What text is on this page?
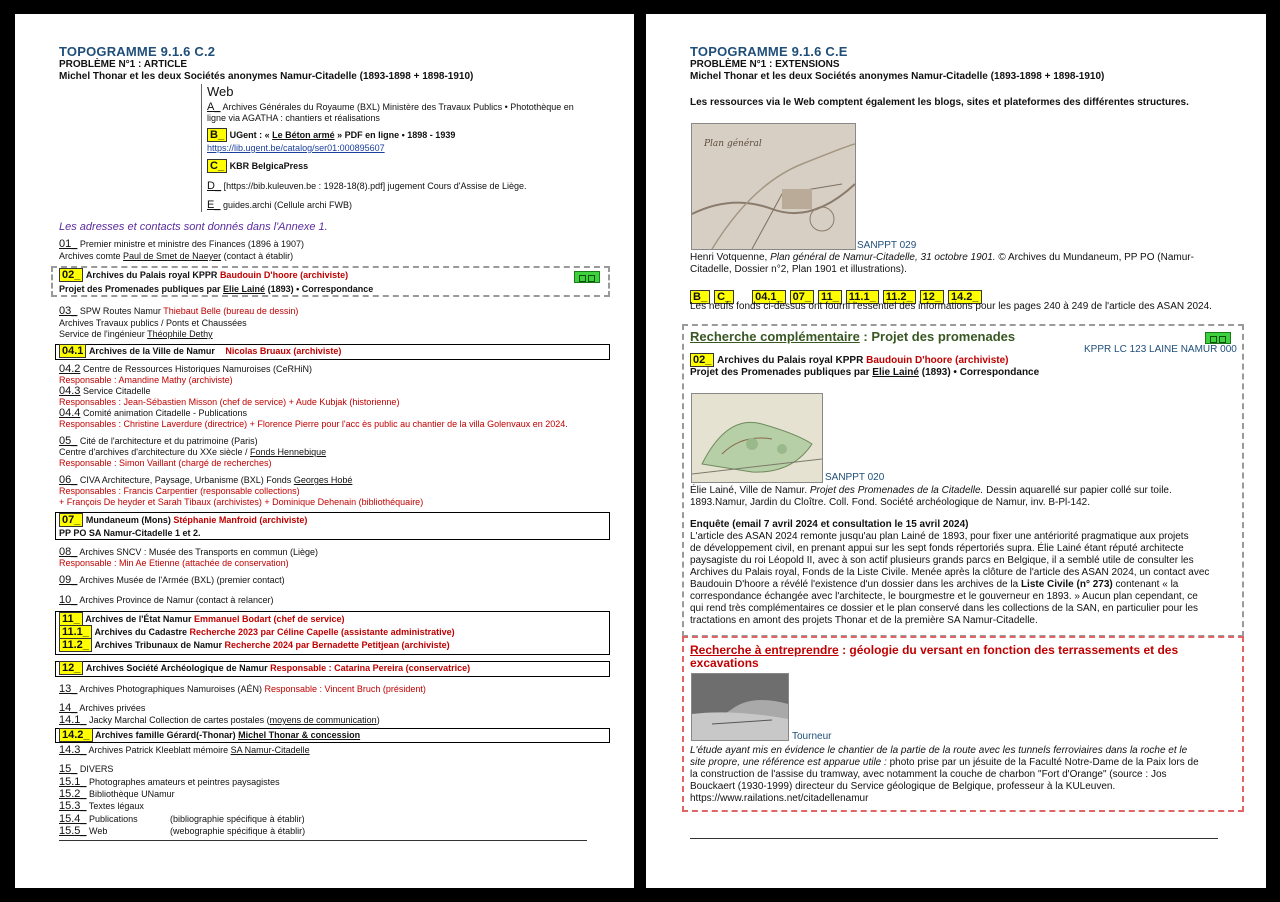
TOPOGRAMME 9.1.6 C.2
PROBLÈME N°1 : ARTICLE
Michel Thonar et les deux Sociétés anonymes Namur-Citadelle (1893-1898 + 1898-1910)
Web
A_ Archives Générales du Royaume (BXL) Ministère des Travaux Publics • Photothèque en
ligne via AGATHA : chantiers et réalisations
B_ UGent : « Le Béton armé » PDF en ligne • 1898 - 1939
https://lib.ugent.be/catalog/ser01:000895607
C_ KBR BelgicaPress
D_ [https://bib.kuleuven.be : 1928-18(8).pdf] jugement Cours d'Assise de Liège.
E_ guides.archi (Cellule archi FWB)
Les adresses et contacts sont donnés dans l'Annexe 1.
01_ Premier ministre et ministre des Finances (1896 à 1907)
Archives comte Paul de Smet de Naeyer (contact à établir)
02_ Archives du Palais royal KPPR Baudouin D'hoore (archiviste)
Projet des Promenades publiques par Elie Lainé (1893) • Correspondance
03_ SPW Routes Namur Thiebaut Belle (bureau de dessin)
Archives Travaux publics / Ponts et Chaussées
Service de l'ingénieur Théophile Dethy
04.1 Archives de la Ville de Namur Nicolas Bruaux (archiviste)
04.2 Centre de Ressources Historiques Namuroises (CeRHiN)
Responsable : Amandine Mathy (archiviste)
04.3 Service Citadelle
Responsables : Jean-Sébastien Misson (chef de service) + Aude Kubjak (historienne)
04.4 Comité animation Citadelle - Publications
Responsables : Christine Laverdure (directrice) + Florence Pierre pour l'acc ès public au chantier de la villa Golenvaux en 2024.
05_ Cité de l'architecture et du patrimoine (Paris)
Centre d'archives d'architecture du XXe siècle / Fonds Hennebique
Responsable : Simon Vaillant (chargé de recherches)
06_ CIVA Architecture, Paysage, Urbanisme (BXL) Fonds Georges Hobé
Responsables : Francis Carpentier (responsable collections)
+ François De heyder et Sarah Tibaux (archivistes) + Dominique Dehenain (bibliothéquaire)
07_ Mundaneum (Mons) Stéphanie Manfroid (archiviste)
PP PO SA Namur-Citadelle 1 et 2.
08_ Archives SNCV : Musée des Transports en commun (Liège)
Responsable : Min Ae Etienne (attachée de conservation)
09_ Archives Musée de l'Armée (BXL) (premier contact)
10_ Archives Province de Namur (contact à relancer)
11_ Archives de l'État Namur Emmanuel Bodart (chef de service)
11.1_ Archives du Cadastre Recherche 2023 par Céline Capelle (assistante administrative)
11.2_ Archives Tribunaux de Namur Recherche 2024 par Bernadette Petitjean (archiviste)
12_ Archives Société Archéologique de Namur Responsable : Catarina Pereira (conservatrice)
13_ Archives Photographiques Namuroises (AÉN) Responsable : Vincent Bruch (président)
14_ Archives privées
14.1_ Jacky Marchal Collection de cartes postales (moyens de communication)
14.2_ Archives famille Gérard(-Thonar) Michel Thonar & concession
14.3_ Archives Patrick Kleeblatt mémoire SA Namur-Citadelle
15_ DIVERS
15.1_ Photographes amateurs et peintres paysagistes
15.2_ Bibliothèque UNamur
15.3_ Textes légaux
15.4_ Publications	(bibliographie spécifique à établir)
15.5_ Web	(webographie spécifique à établir)
TOPOGRAMME 9.1.6 C.E
PROBLÈME N°1 : EXTENSIONS
Michel Thonar et les deux Sociétés anonymes Namur-Citadelle (1893-1898 + 1898-1910)
Les ressources via le Web comptent également les blogs, sites et plateformes des différentes structures.
Plan général
SANPPT 029
Henri Votquenne, Plan général de Namur-Citadelle, 31 octobre 1901. © Archives du Mundaneum, PP PO (Namur-
Citadelle, Dossier n°2, Plan 1901 et illustrations).
B_ C_ 04.1_ 07_ 11_ 11.1_ 11.2_ 12_ 14.2_
Les neufs fonds ci-dessus ont fourni l'essentiel des informations pour les pages 240 à 249 de l'article des ASAN 2024.
Recherche complémentaire : Projet des promenades
KPPR LC 123 LAINE NAMUR 000
02_ Archives du Palais royal KPPR Baudouin D'hoore (archiviste)
Projet des Promenades publiques par Elie Lainé (1893) • Correspondance
SANPPT 020
Élie Lainé, Ville de Namur. Projet des Promenades de la Citadelle. Dessin aquarellé sur papier collé sur toile.
1893.Namur, Jardin du Cloître. Coll. Fond. Société archéologique de Namur, inv. B-Pl-142.
Enquête (email 7 avril 2024 et consultation le 15 avril 2024)
L'article des ASAN 2024 remonte jusqu'au plan Lainé de 1893, pour fixer une antériorité pragmatique aux projets
de développement civil, en prenant appui sur les sept fonds répertoriés supra. Élie Lainé étant réputé architecte
paysagiste du roi Léopold II, avec à son actif plusieurs grands parcs en Belgique, il a semblé utile de consulter les
Archives du Palais royal, Fonds de la Liste Civile. Menée après la clôture de l'article des ASAN 2024, un contact avec
Baudouin D'hoore a révélé l'existence d'un dossier dans les archives de la Liste Civile (n° 273) contenant « la
correspondance échangée avec l'architecte, le bourgmestre et le gouverneur en 1893. » Aucun plan cependant, ce
qui rend très complémentaires ce dossier et le plan conservé dans les collections de la SAN, en particulier pour les
tractations en amont des projets Thonar et de la première SA Namur-Citadelle.
Recherche à entreprendre : géologie du versant en fonction des terrassements et des
excavations
Tourneur
L'étude ayant mis en évidence le chantier de la partie de la route avec les tunnels ferroviaires dans la roche et le
site propre, une référence est apparue utile : photo prise par un jésuite de la Faculté Notre-Dame de la Paix lors de
la construction de l'assise du tramway, avec notamment la couche de charbon "Fort d'Orange" (source : Jos
Bouckaert (1930-1999) directeur du Service géologique de Belgique, professeur à la KULeuven.
https://www.railations.net/citadellenamur
